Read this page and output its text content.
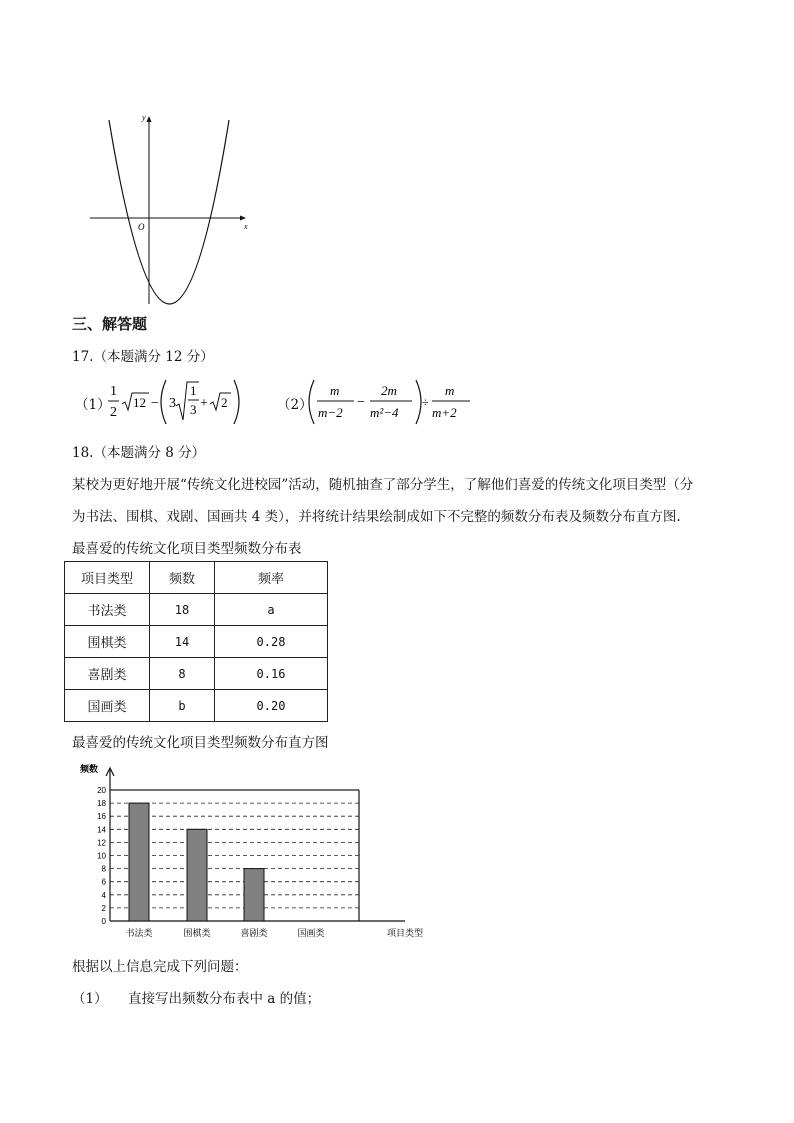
y
x
O
三、解答题
17.（本题满分 12 分）
（1）
1
2
12 − 3
1
3 + 2	（2）
m
m−2
−
2m
m²−4
÷
m
m+2
18.（本题满分 8 分）
某校为更好地开展“传统文化进校园”活动，随机抽查了部分学生，了解他们喜爱的传统文化项目类型（分
为书法、围棋、戏剧、国画共 4 类），并将统计结果绘制成如下不完整的频数分布表及频数分布直方图.
最喜爱的传统文化项目类型频数分布表
项目类型	频数	频率
书法类	18	a
围棋类	14	0.28
喜剧类	8	0.16
国画类	b	0.20
最喜爱的传统文化项目类型频数分布直方图
0
2
4
6
8
10
12
14
16
18
20
频数
项目类型
书法类	围棋类	喜剧类	国画类
根据以上信息完成下列问题：
（1） 直接写出频数分布表中 a 的值；
